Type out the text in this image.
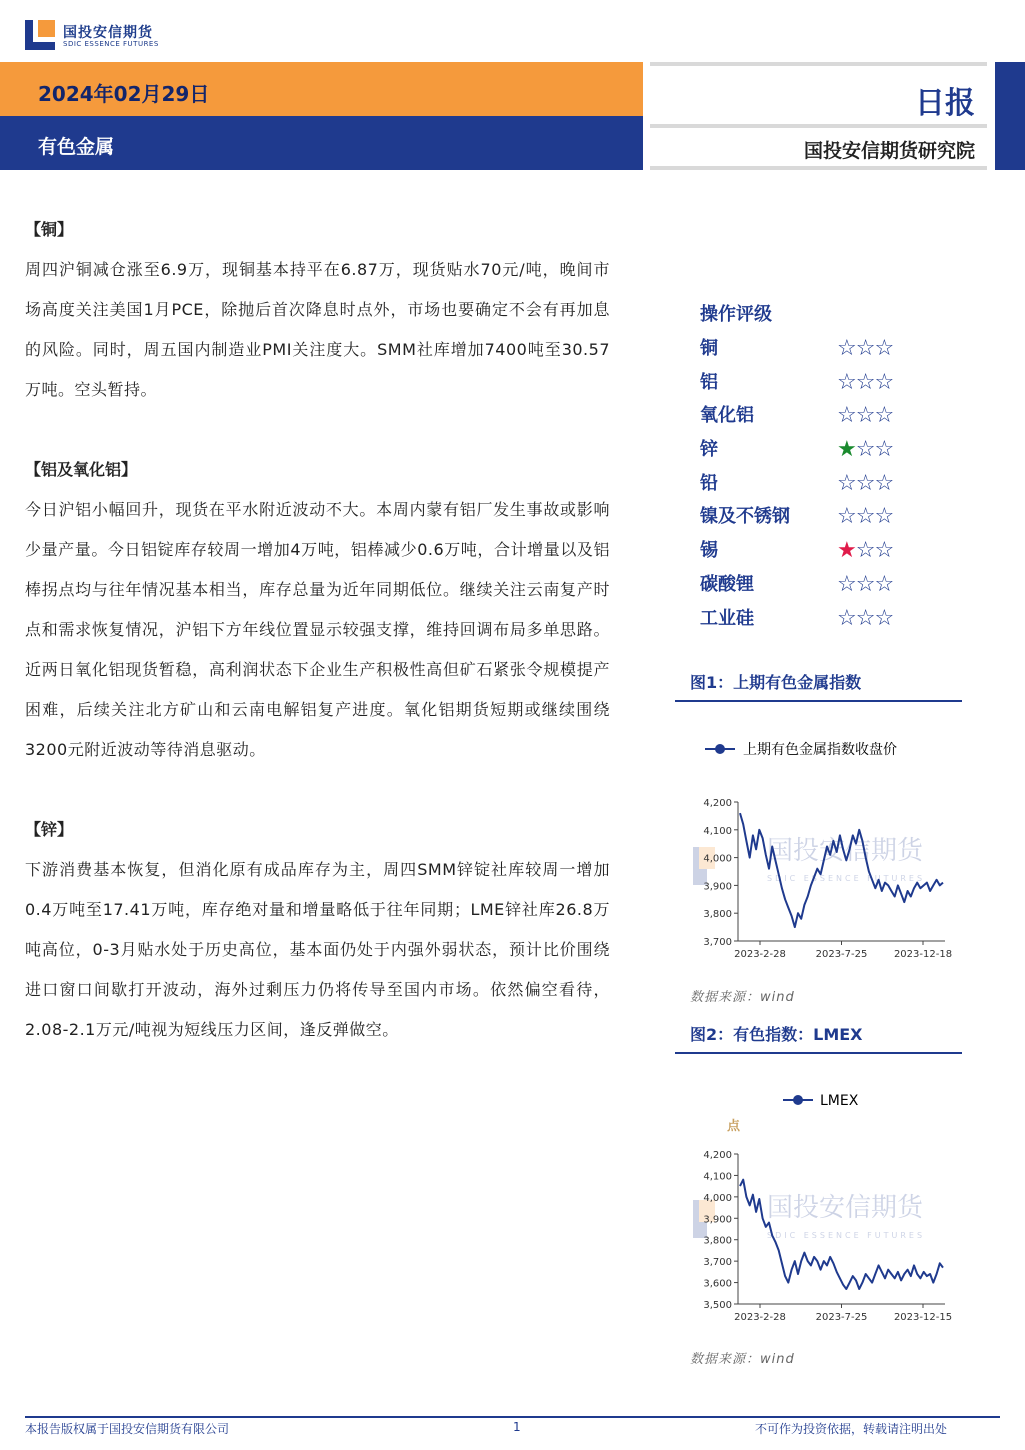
国投安信期货
SDIC ESSENCE FUTURES
2024年02月29日
有色金属
日报
国投安信期货研究院
【铜】
周四沪铜减仓涨至6.9万，现铜基本持平在6.87万，现货贴水70元/吨，晚间市场高度关注美国1月PCE，除抛后首次降息时点外，市场也要确定不会有再加息的风险。同时，周五国内制造业PMI关注度大。SMM社库增加7400吨至30.57万吨。空头暂持。
【铝及氧化铝】
今日沪铝小幅回升，现货在平水附近波动不大。本周内蒙有铝厂发生事故或影响少量产量。今日铝锭库存较周一增加4万吨，铝棒减少0.6万吨，合计增量以及铝棒拐点均与往年情况基本相当，库存总量为近年同期低位。继续关注云南复产时点和需求恢复情况，沪铝下方年线位置显示较强支撑，维持回调布局多单思路。近两日氧化铝现货暂稳，高利润状态下企业生产积极性高但矿石紧张令规模提产困难，后续关注北方矿山和云南电解铝复产进度。氧化铝期货短期或继续围绕3200元附近波动等待消息驱动。
【锌】
下游消费基本恢复，但消化原有成品库存为主，周四SMM锌锭社库较周一增加0.4万吨至17.41万吨，库存绝对量和增量略低于往年同期；LME锌社库26.8万吨高位，0-3月贴水处于历史高位，基本面仍处于内强外弱状态，预计比价围绕进口窗口间歇打开波动，海外过剩压力仍将传导至国内市场。依然偏空看待，2.08-2.1万元/吨视为短线压力区间，逢反弹做空。
操作评级
铜	☆☆☆
铝	☆☆☆
氧化铝	☆☆☆
锌	★☆☆
铅	☆☆☆
镍及不锈钢 ☆☆☆
锡	★☆☆
碳酸锂	☆☆☆
工业硅	☆☆☆
图1：上期有色金属指数
上期有色金属指数收盘价
国投安信期货
SDIC ESSENCE FUTURES
3,700
3,800
3,900
4,000
4,100
4,200
2023-2-28	2023-7-25	2023-12-18
数据来源：wind
图2：有色指数：LMEX
LMEX
点
国投安信期货
SDIC ESSENCE FUTURES
3,500
3,600
3,700
3,800
3,900
4,000
4,100
4,200
2023-2-28	2023-7-25	2023-12-15
数据来源：wind
本报告版权属于国投安信期货有限公司	1	不可作为投资依据，转载请注明出处
